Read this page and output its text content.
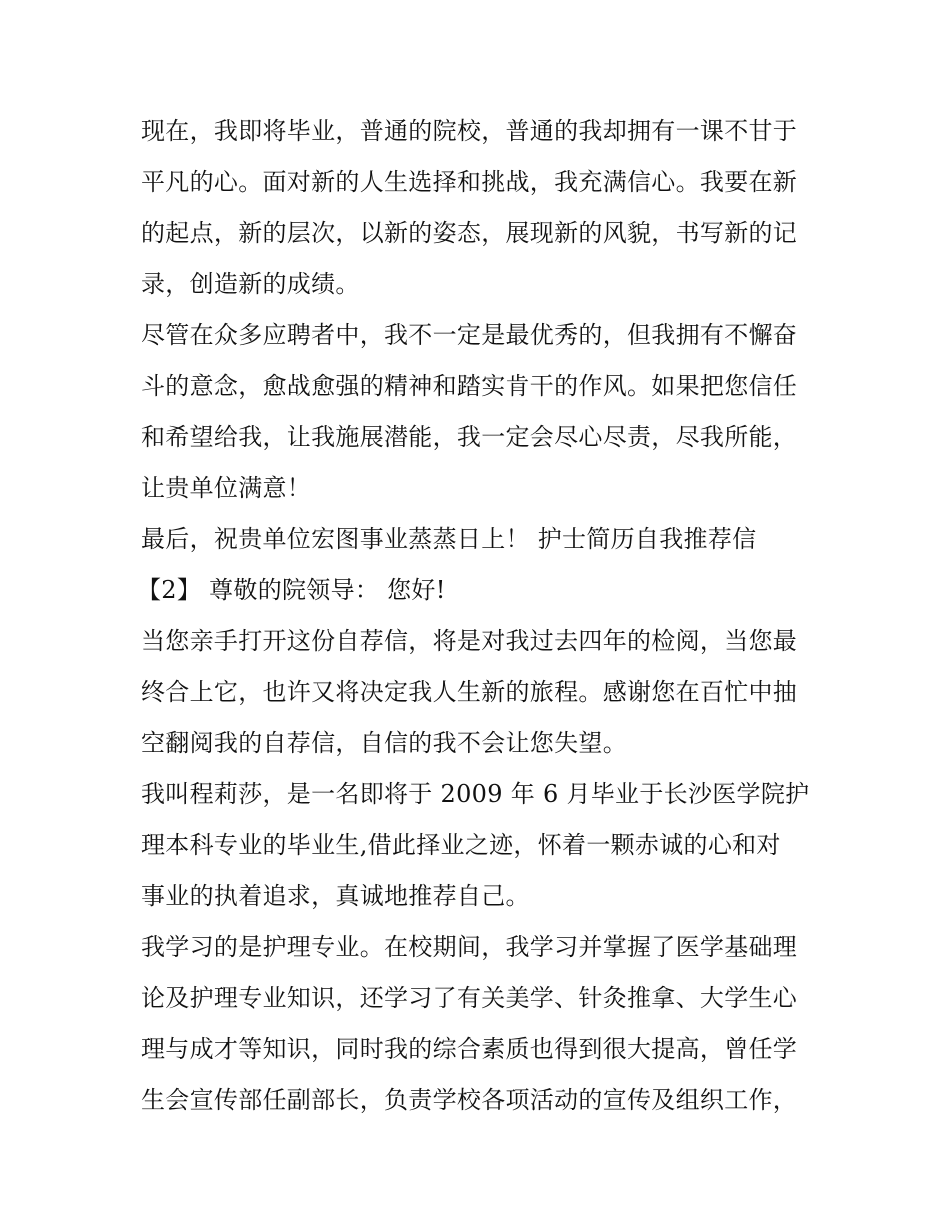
现在，我即将毕业，普通的院校，普通的我却拥有一课不甘于
平凡的心。面对新的人生选择和挑战，我充满信心。我要在新
的起点，新的层次，以新的姿态，展现新的风貌，书写新的记
录，创造新的成绩。
尽管在众多应聘者中，我不一定是最优秀的，但我拥有不懈奋
斗的意念，愈战愈强的精神和踏实肯干的作风。如果把您信任
和希望给我，让我施展潜能，我一定会尽心尽责，尽我所能，
让贵单位满意！
最后，祝贵单位宏图事业蒸蒸日上！ 护士简历自我推荐信
【2】 尊敬的院领导： 您好!
当您亲手打开这份自荐信，将是对我过去四年的检阅，当您最
终合上它，也许又将决定我人生新的旅程。感谢您在百忙中抽
空翻阅我的自荐信，自信的我不会让您失望。
我叫程莉莎，是一名即将于 2009 年 6 月毕业于长沙医学院护
理本科专业的毕业生,借此择业之迹，怀着一颗赤诚的心和对
事业的执着追求，真诚地推荐自己。
我学习的是护理专业。在校期间，我学习并掌握了医学基础理
论及护理专业知识，还学习了有关美学、针灸推拿、大学生心
理与成才等知识，同时我的综合素质也得到很大提高，曾任学
生会宣传部任副部长，负责学校各项活动的宣传及组织工作，
